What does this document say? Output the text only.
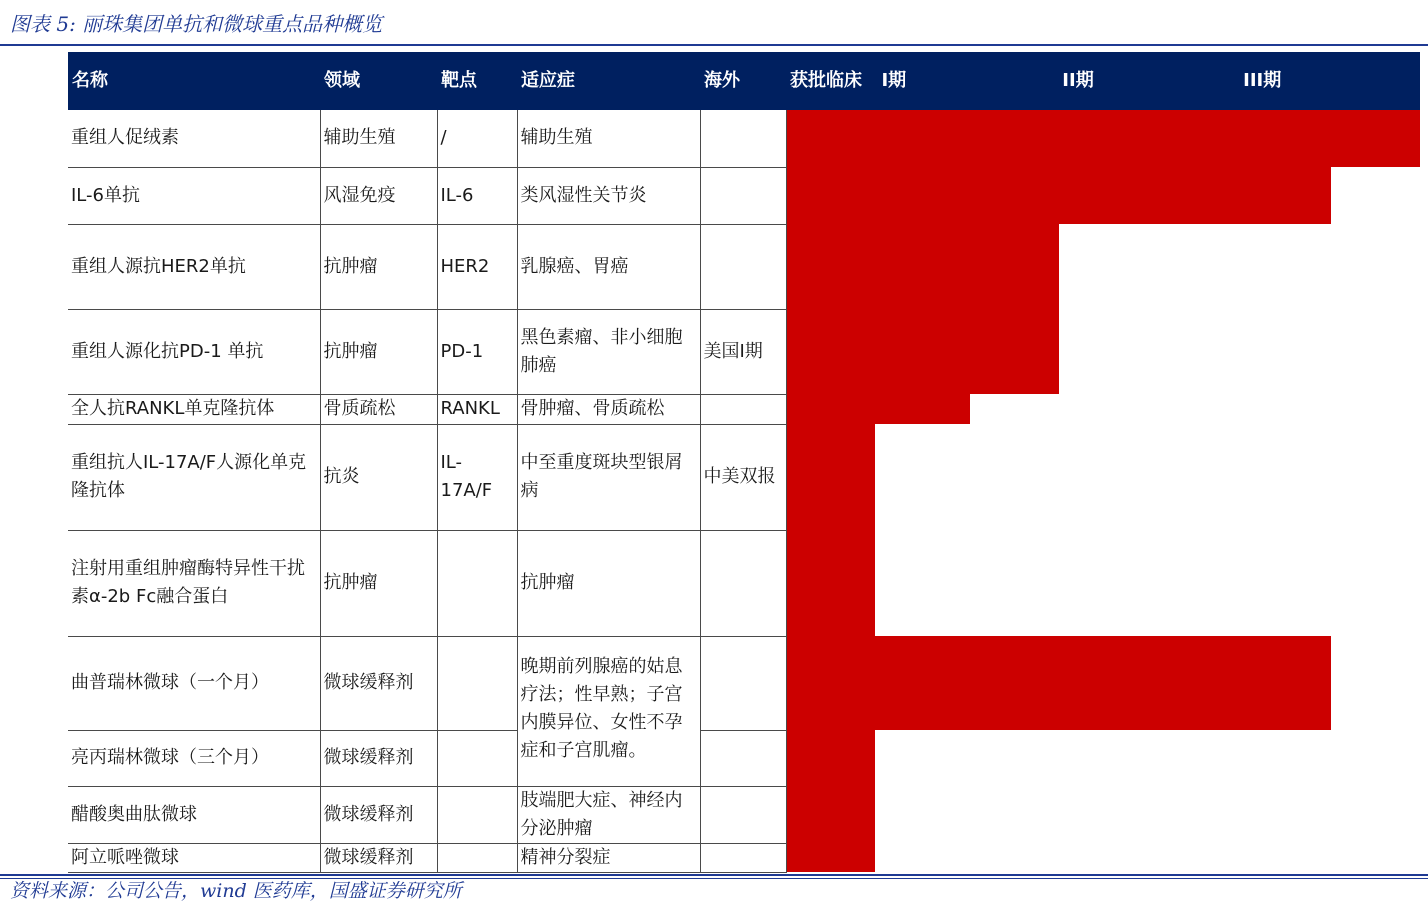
图表 5: 丽珠集团单抗和微球重点品种概览
名称	领域	靶点	适应症	海外	获批临床 I期 II期 III期

重组人促绒素	辅助生殖	/	辅助生殖		

IL-6单抗	风湿免疫	IL-6	类风湿性关节炎		

重组人源抗HER2单抗	抗肿瘤	HER2	乳腺癌、胃癌		

重组人源化抗PD-1 单抗	抗肿瘤	PD-1	黑色素瘤、非小细胞肺癌	美国I期	

全人抗RANKL单克隆抗体	骨质疏松	RANKL	骨肿瘤、骨质疏松		

重组抗人IL-17A/F人源化单克隆抗体	抗炎	IL-17A/F	中至重度斑块型银屑病	中美双报	

注射用重组肿瘤酶特异性干扰素α-2b Fc融合蛋白	抗肿瘤		抗肿瘤		

曲普瑞林微球（一个月）	微球缓释剂		晚期前列腺癌的姑息疗法；性早熟；子宫内膜异位、女性不孕症和子宫肌瘤。		

亮丙瑞林微球（三个月）	微球缓释剂				

醋酸奥曲肽微球	微球缓释剂		肢端肥大症、神经内分泌肿瘤		

阿立哌唑微球	微球缓释剂		精神分裂症		
资料来源：公司公告，wind 医药库，国盛证券研究所
